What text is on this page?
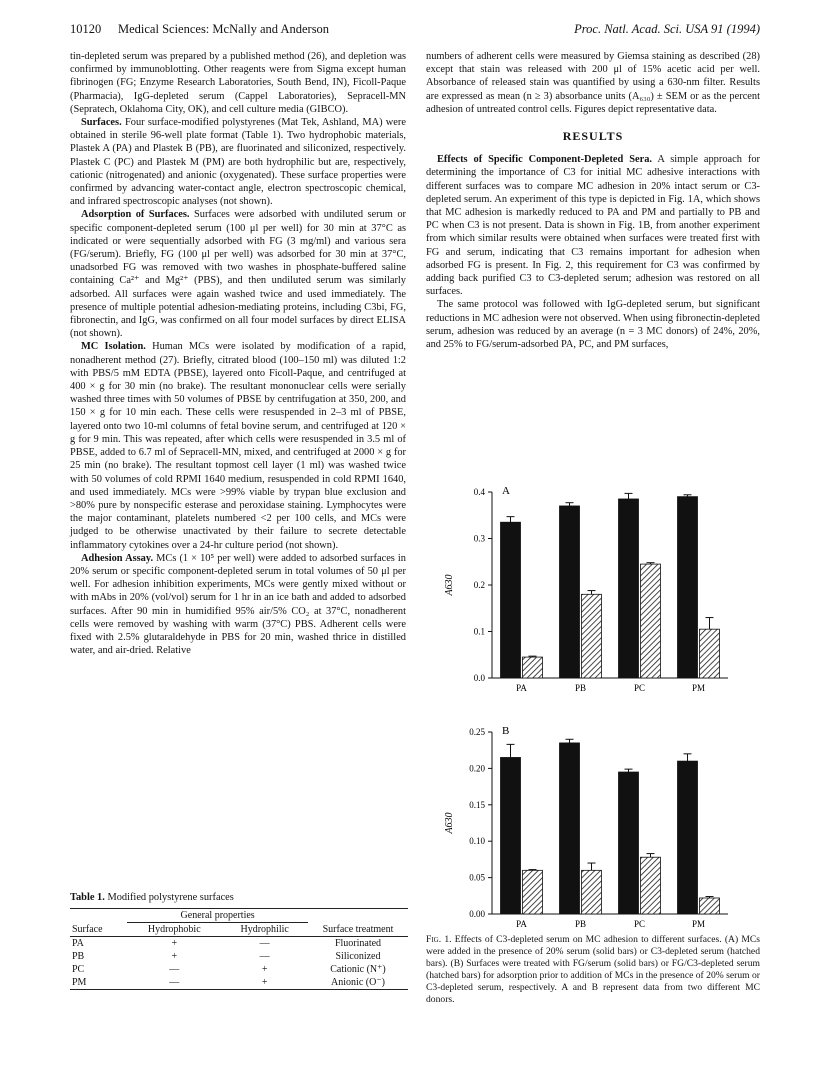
10120 Medical Sciences: McNally and Anderson	Proc. Natl. Acad. Sci. USA 91 (1994)

tin-depleted serum was prepared by a published method (26), and depletion was confirmed by immunoblotting. Other reagents were from Sigma except human fibrinogen (FG; Enzyme Research Laboratories, South Bend, IN), Ficoll-Paque (Pharmacia), IgG-depleted serum (Cappel Laboratories), Sepracell-MN (Sepratech, Oklahoma City, OK), and cell culture media (GIBCO).

Surfaces. Four surface-modified polystyrenes (Mat Tek, Ashland, MA) were obtained in sterile 96-well plate format (Table 1). Two hydrophobic materials, Plastek A (PA) and Plastek B (PB), are fluorinated and siliconized, respectively. Plastek C (PC) and Plastek M (PM) are both hydrophilic but are, respectively, cationic (nitrogenated) and anionic (oxygenated). These surface properties were confirmed by advancing water-contact angle, electron spectroscopic chemical, and infrared spectroscopic analyses (not shown).

Adsorption of Surfaces. Surfaces were adsorbed with undiluted serum or specific component-depleted serum (100 μl per well) for 30 min at 37°C as indicated or were sequentially adsorbed with FG (3 mg/ml) and various sera (FG/serum). Briefly, FG (100 μl per well) was adsorbed for 30 min at 37°C, unadsorbed FG was removed with two washes in phosphate-buffered saline containing Ca²⁺ and Mg²⁺ (PBS), and then undiluted serum was similarly adsorbed. All surfaces were again washed twice and used immediately. The presence of multiple potential adhesion-mediating proteins, including C3bi, FG, fibronectin, and IgG, was confirmed on all four model surfaces by direct ELISA (not shown).

MC Isolation. Human MCs were isolated by modification of a rapid, nonadherent method (27). Briefly, citrated blood (100–150 ml) was diluted 1:2 with PBS/5 mM EDTA (PBSE), layered onto Ficoll-Paque, and centrifuged at 400 × g for 30 min (no brake). The resultant mononuclear cells were serially washed three times with 50 volumes of PBSE by centrifugation at 350, 200, and 150 × g for 10 min each. These cells were resuspended in 2–3 ml of PBSE, layered onto two 10-ml columns of fetal bovine serum, and centrifuged at 120 × g for 9 min. This was repeated, after which cells were resuspended in 3.5 ml of PBSE, added to 6.7 ml of Sepracell-MN, mixed, and centrifuged at 2000 × g for 25 min (no brake). The resultant topmost cell layer (1 ml) was washed twice with 50 volumes of cold RPMI 1640 medium, resuspended in cold RPMI 1640, and used immediately. MCs were >99% viable by trypan blue exclusion and >80% pure by nonspecific esterase and peroxidase staining. Lymphocytes were the major contaminant, platelets numbered <2 per 100 cells, and MCs were judged to be otherwise unactivated by their failure to secrete detectable inflammatory cytokines over a 24-hr culture period (not shown).

Adhesion Assay. MCs (1 × 10⁵ per well) were added to adsorbed surfaces in 20% serum or specific component-depleted serum in total volumes of 50 μl per well. For adhesion inhibition experiments, MCs were gently mixed without or with mAbs in 20% (vol/vol) serum for 1 hr in an ice bath and added to adsorbed surfaces. After 90 min in humidified 95% air/5% CO₂ at 37°C, nonadherent cells were removed by washing with warm (37°C) PBS. Adherent cells were fixed with 2.5% glutaraldehyde in PBS for 20 min, washed thrice in distilled water, and air-dried. Relative

Table 1. Modified polystyrene surfaces
	General properties		
Surface	Hydrophobic	Hydrophilic	Surface treatment
PA	+	—	Fluorinated
PB	+	—	Siliconized
PC	—	+	Cationic (N⁺)
PM	—	+	Anionic (O⁻)

numbers of adherent cells were measured by Giemsa staining as described (28) except that stain was released with 200 μl of 15% acetic acid per well. Absorbance of released stain was quantified by using a 630-nm filter. Results are expressed as mean (n ≥ 3) absorbance units (A₆₃₀) ± SEM or as the percent adhesion of untreated control cells. Figures depict representative data.

RESULTS

Effects of Specific Component-Depleted Sera. A simple approach for determining the importance of C3 for initial MC adhesive interactions with different surfaces was to compare MC adhesion in 20% intact serum or C3-depleted serum. An experiment of this type is depicted in Fig. 1A, which shows that MC adhesion is markedly reduced to PA and PM and partially to PB and PC when C3 is not present. Data is shown in Fig. 1B, from another experiment from which similar results were obtained when surfaces were treated first with FG and serum, indicating that C3 remains important for adhesion when adsorbed FG is present. In Fig. 2, this requirement for C3 was confirmed by adding back purified C3 to C3-depleted serum; adhesion was restored on all surfaces.

The same protocol was followed with IgG-depleted serum, but significant reductions in MC adhesion were not observed. When using fibronectin-depleted serum, adhesion was reduced by an average (n = 3 MC donors) of 24%, 20%, and 25% to FG/serum-adsorbed PA, PC, and PM surfaces,

0.0
0.1
0.2
0.3
0.4 A
A630
PA	PB	PC	PM
0.00
0.05
0.10
0.15
0.20
0.25 B
A630
PA	PB	PC	PM
Fig. 1. Effects of C3-depleted serum on MC adhesion to different surfaces. (A) MCs were added in the presence of 20% serum (solid bars) or C3-depleted serum (hatched bars). (B) Surfaces were treated with FG/serum (solid bars) or FG/C3-depleted serum (hatched bars) for adsorption prior to addition of MCs in the presence of 20% serum or C3-depleted serum, respectively. A and B represent data from two different MC donors.
